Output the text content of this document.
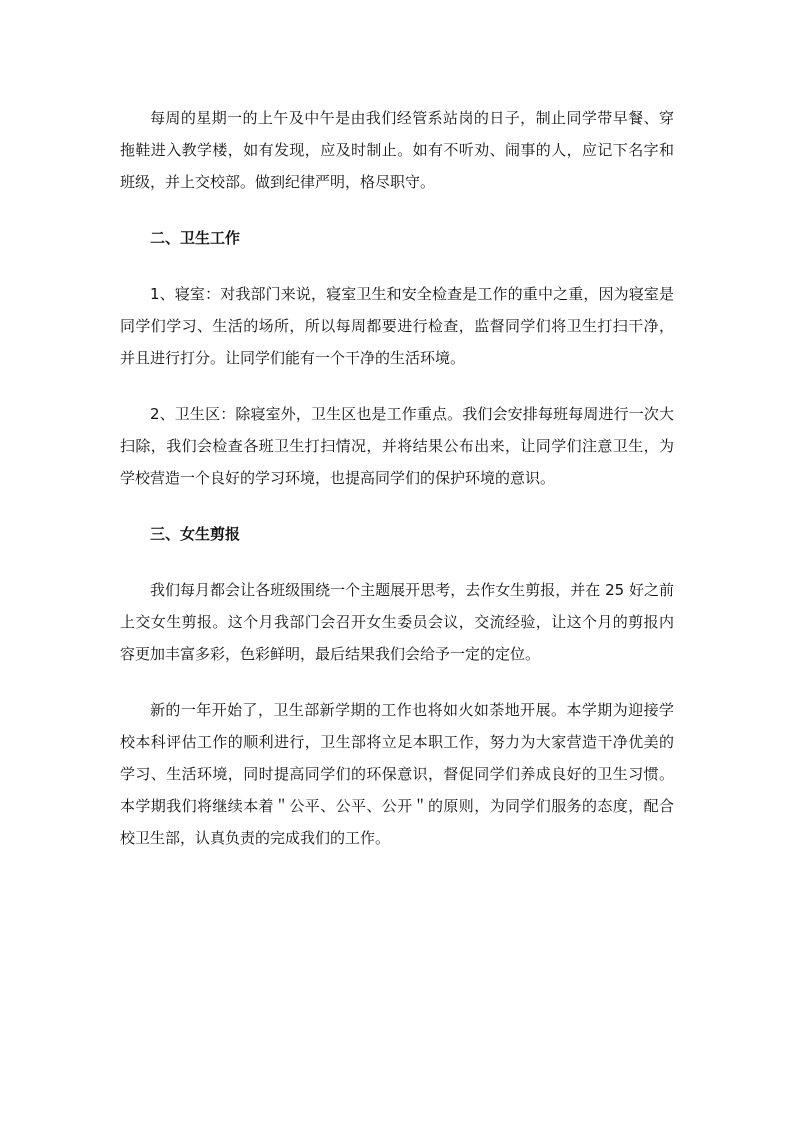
每周的星期一的上午及中午是由我们经管系站岗的日子，制止同学带早餐、穿拖鞋进入教学楼，如有发现，应及时制止。如有不听劝、闹事的人，应记下名字和班级，并上交校部。做到纪律严明，格尽职守。

二、卫生工作

1、寝室：对我部门来说，寝室卫生和安全检查是工作的重中之重，因为寝室是同学们学习、生活的场所，所以每周都要进行检查，监督同学们将卫生打扫干净，并且进行打分。让同学们能有一个干净的生活环境。

2、卫生区：除寝室外，卫生区也是工作重点。我们会安排每班每周进行一次大扫除，我们会检查各班卫生打扫情况，并将结果公布出来，让同学们注意卫生，为学校营造一个良好的学习环境，也提高同学们的保护环境的意识。

三、女生剪报

我们每月都会让各班级围绕一个主题展开思考，去作女生剪报，并在 25 好之前上交女生剪报。这个月我部门会召开女生委员会议，交流经验，让这个月的剪报内容更加丰富多彩，色彩鲜明，最后结果我们会给予一定的定位。

新的一年开始了，卫生部新学期的工作也将如火如荼地开展。本学期为迎接学校本科评估工作的顺利进行，卫生部将立足本职工作，努力为大家营造干净优美的学习、生活环境，同时提高同学们的环保意识，督促同学们养成良好的卫生习惯。本学期我们将继续本着＂公平、公平、公开＂的原则，为同学们服务的态度，配合校卫生部，认真负责的完成我们的工作。
